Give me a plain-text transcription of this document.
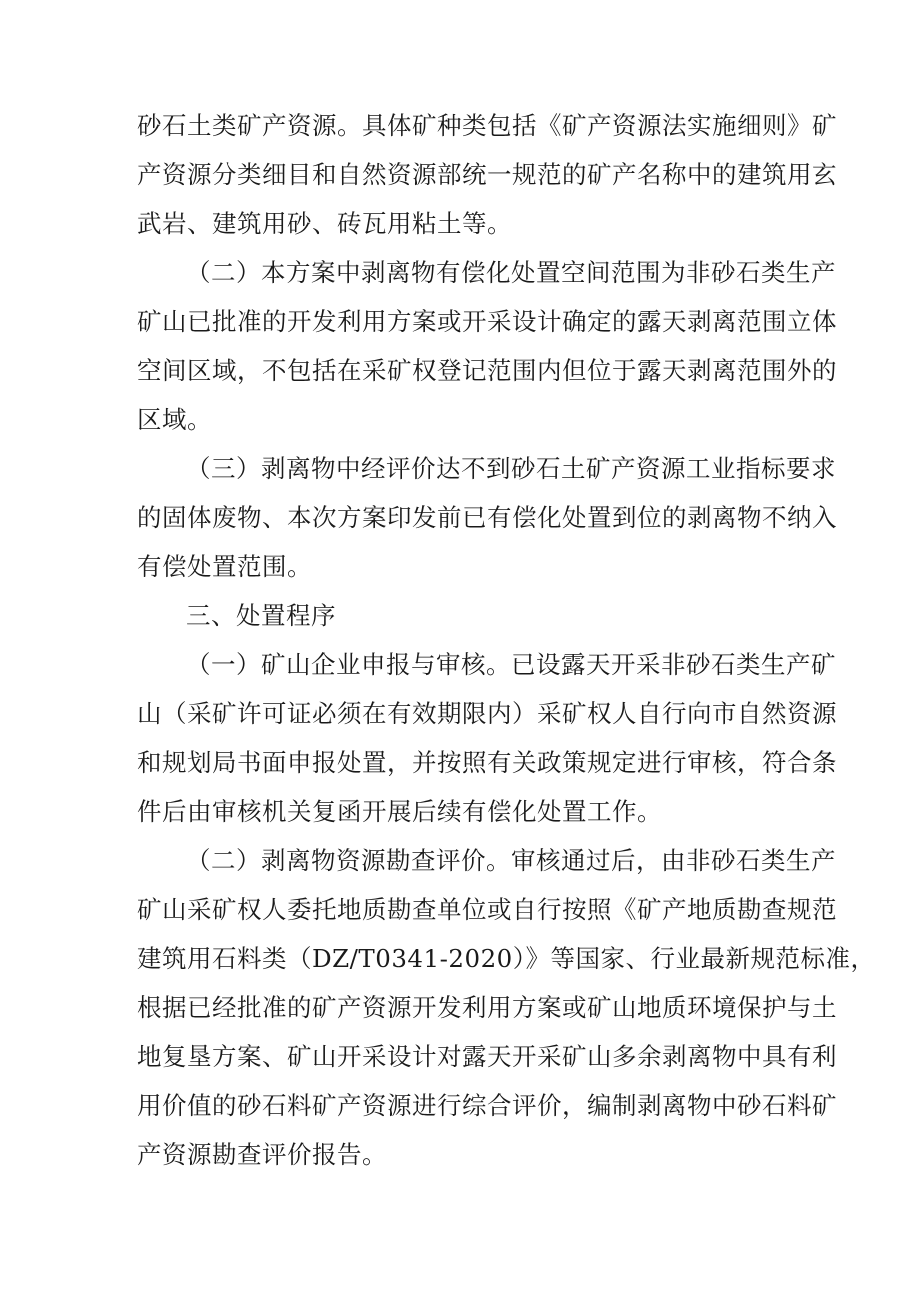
砂石土类矿产资源。具体矿种类包括《矿产资源法实施细则》矿
产资源分类细目和自然资源部统一规范的矿产名称中的建筑用玄
武岩、建筑用砂、砖瓦用粘土等。
（二）本方案中剥离物有偿化处置空间范围为非砂石类生产
矿山已批准的开发利用方案或开采设计确定的露天剥离范围立体
空间区域，不包括在采矿权登记范围内但位于露天剥离范围外的
区域。
（三）剥离物中经评价达不到砂石土矿产资源工业指标要求
的固体废物、本次方案印发前已有偿化处置到位的剥离物不纳入
有偿处置范围。
三、处置程序
（一）矿山企业申报与审核。已设露天开采非砂石类生产矿
山（采矿许可证必须在有效期限内）采矿权人自行向市自然资源
和规划局书面申报处置，并按照有关政策规定进行审核，符合条
件后由审核机关复函开展后续有偿化处置工作。
（二）剥离物资源勘查评价。审核通过后，由非砂石类生产
矿山采矿权人委托地质勘查单位或自行按照《矿产地质勘查规范
建筑用石料类（DZ/T0341-2020）》等国家、行业最新规范标准，
根据已经批准的矿产资源开发利用方案或矿山地质环境保护与土
地复垦方案、矿山开采设计对露天开采矿山多余剥离物中具有利
用价值的砂石料矿产资源进行综合评价，编制剥离物中砂石料矿
产资源勘查评价报告。
